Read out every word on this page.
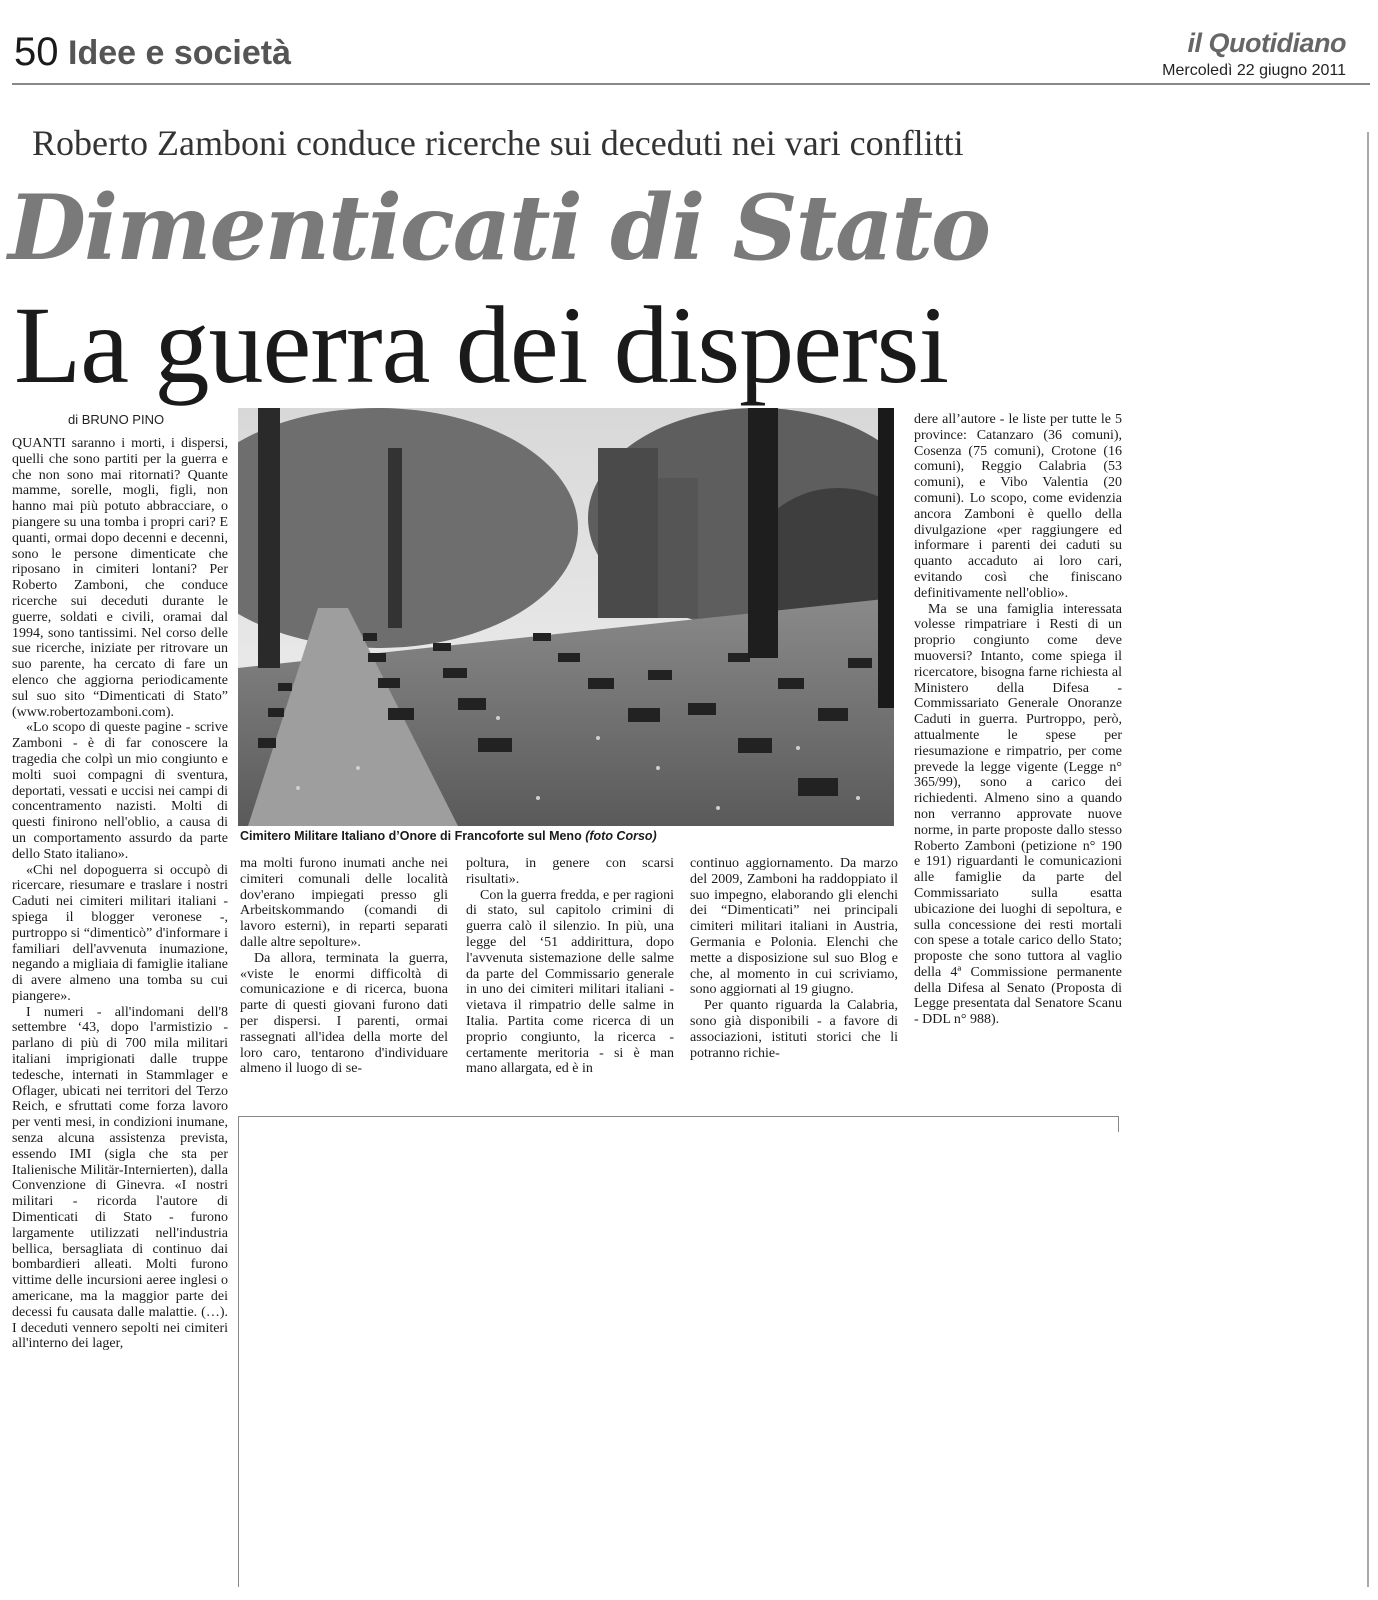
50 Idee e società	il Quotidiano
Mercoledì 22 giugno 2011
Roberto Zamboni conduce ricerche sui deceduti nei vari conflitti
Dimenticati di Stato
La guerra dei dispersi
di BRUNO PINO
Cimitero Militare Italiano d’Onore di Francoforte sul Meno (foto Corso)

QUANTI saranno i morti, i dispersi, quelli che sono partiti per la guerra e che non sono mai ritornati? Quante mamme, sorelle, mogli, figli, non hanno mai più potuto abbracciare, o piangere su una tomba i propri cari? E quanti, ormai dopo decenni e decenni, sono le persone dimenticate che riposano in cimiteri lontani? Per Roberto Zamboni, che conduce ricerche sui deceduti durante le guerre, soldati e civili, oramai dal 1994, sono tantissimi. Nel corso delle sue ricerche, iniziate per ritrovare un suo parente, ha cercato di fare un elenco che aggiorna periodicamente sul suo sito “Dimenticati di Stato” (www.robertozamboni.com).

«Lo scopo di queste pagine - scrive Zamboni - è di far conoscere la tragedia che colpì un mio congiunto e molti suoi compagni di sventura, deportati, vessati e uccisi nei campi di concentramento nazisti. Molti di questi finirono nell'oblio, a causa di un comportamento assurdo da parte dello Stato italiano».

«Chi nel dopoguerra si occupò di ricercare, riesumare e traslare i nostri Caduti nei cimiteri militari italiani - spiega il blogger veronese -, purtroppo si “dimenticò” d'informare i familiari dell'avvenuta inumazione, negando a migliaia di famiglie italiane di avere almeno una tomba su cui piangere».

I numeri - all'indomani dell'8 settembre ‘43, dopo l'armistizio - parlano di più di 700 mila militari italiani imprigionati dalle truppe tedesche, internati in Stammlager e Oflager, ubicati nei territori del Terzo Reich, e sfruttati come forza lavoro per venti mesi, in condizioni inumane, senza alcuna assistenza prevista, essendo IMI (sigla che sta per Italienische Militär-Internierten), dalla Convenzione di Ginevra. «I nostri militari - ricorda l'autore di Dimenticati di Stato - furono largamente utilizzati nell'industria bellica, bersagliata di continuo dai bombardieri alleati. Molti furono vittime delle incursioni aeree inglesi o americane, ma la maggior parte dei decessi fu causata dalle malattie. (…). I deceduti vennero sepolti nei cimiteri all'interno dei lager,

ma molti furono inumati anche nei cimiteri comunali delle località dov'erano impiegati presso gli Arbeitskommando (comandi di lavoro esterni), in reparti separati dalle altre sepolture».

Da allora, terminata la guerra, «viste le enormi difficoltà di comunicazione e di ricerca, buona parte di questi giovani furono dati per dispersi. I parenti, ormai rassegnati all'idea della morte del loro caro, tentarono d'individuare almeno il luogo di se-

poltura, in genere con scarsi risultati».

Con la guerra fredda, e per ragioni di stato, sul capitolo crimini di guerra calò il silenzio. In più, una legge del ‘51 addirittura, dopo l'avvenuta sistemazione delle salme da parte del Commissario generale in uno dei cimiteri militari italiani - vietava il rimpatrio delle salme in Italia. Partita come ricerca di un proprio congiunto, la ricerca - certamente meritoria - si è man mano allargata, ed è in

continuo aggiornamento. Da marzo del 2009, Zamboni ha raddoppiato il suo impegno, elaborando gli elenchi dei “Dimenticati” nei principali cimiteri militari italiani in Austria, Germania e Polonia. Elenchi che mette a disposizione sul suo Blog e che, al momento in cui scriviamo, sono aggiornati al 19 giugno.

Per quanto riguarda la Calabria, sono già disponibili - a favore di associazioni, istituti storici che li potranno richie-

dere all’autore - le liste per tutte le 5 province: Catanzaro (36 comuni), Cosenza (75 comuni), Crotone (16 comuni), Reggio Calabria (53 comuni), e Vibo Valentia (20 comuni). Lo scopo, come evidenzia ancora Zamboni è quello della divulgazione «per raggiungere ed informare i parenti dei caduti su quanto accaduto ai loro cari, evitando così che finiscano definitivamente nell'oblio».

Ma se una famiglia interessata volesse rimpatriare i Resti di un proprio congiunto come deve muoversi? Intanto, come spiega il ricercatore, bisogna farne richiesta al Ministero della Difesa - Commissariato Generale Onoranze Caduti in guerra. Purtroppo, però, attualmente le spese per riesumazione e rimpatrio, per come prevede la legge vigente (Legge n° 365/99), sono a carico dei richiedenti. Almeno sino a quando non verranno approvate nuove norme, in parte proposte dallo stesso Roberto Zamboni (petizione n° 190 e 191) riguardanti le comunicazioni alle famiglie da parte del Commissariato sulla esatta ubicazione dei luoghi di sepoltura, e sulla concessione dei resti mortali con spese a totale carico dello Stato; proposte che sono tuttora al vaglio della 4ª Commissione permanente della Difesa al Senato (Proposta di Legge presentata dal Senatore Scanu - DDL n° 988).
